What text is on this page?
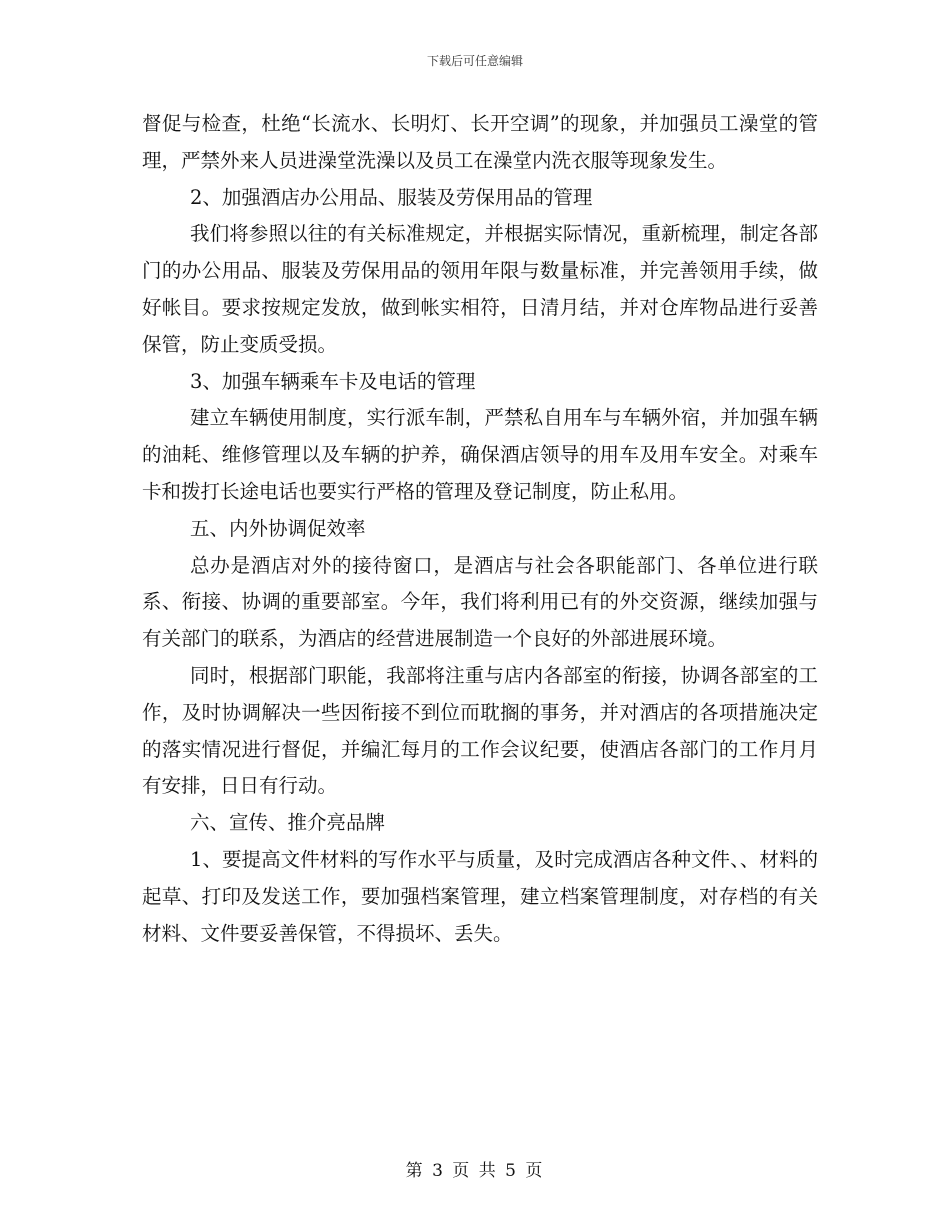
下载后可任意编辑

督促与检查，杜绝“长流水、长明灯、长开空调”的现象，并加强员工澡堂的管理，严禁外来人员进澡堂洗澡以及员工在澡堂内洗衣服等现象发生。

2、加强酒店办公用品、服装及劳保用品的管理

我们将参照以往的有关标准规定，并根据实际情况，重新梳理，制定各部门的办公用品、服装及劳保用品的领用年限与数量标准，并完善领用手续，做好帐目。要求按规定发放，做到帐实相符，日清月结，并对仓库物品进行妥善保管，防止变质受损。

3、加强车辆乘车卡及电话的管理

建立车辆使用制度，实行派车制，严禁私自用车与车辆外宿，并加强车辆的油耗、维修管理以及车辆的护养，确保酒店领导的用车及用车安全。对乘车卡和拨打长途电话也要实行严格的管理及登记制度，防止私用。

五、内外协调促效率

总办是酒店对外的接待窗口，是酒店与社会各职能部门、各单位进行联系、衔接、协调的重要部室。今年，我们将利用已有的外交资源，继续加强与有关部门的联系，为酒店的经营进展制造一个良好的外部进展环境。

同时，根据部门职能，我部将注重与店内各部室的衔接，协调各部室的工作，及时协调解决一些因衔接不到位而耽搁的事务，并对酒店的各项措施决定的落实情况进行督促，并编汇每月的工作会议纪要，使酒店各部门的工作月月有安排，日日有行动。

六、宣传、推介亮品牌

1、要提高文件材料的写作水平与质量，及时完成酒店各种文件、、材料的起草、打印及发送工作，要加强档案管理，建立档案管理制度，对存档的有关材料、文件要妥善保管，不得损坏、丢失。

第 3 页 共 5 页
